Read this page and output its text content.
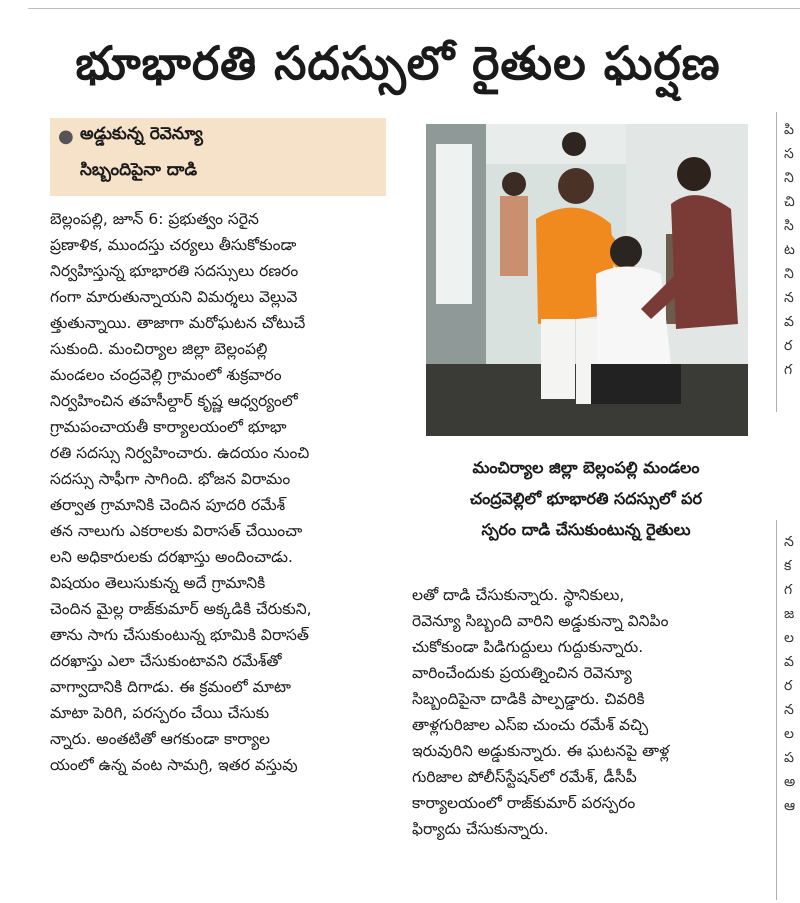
భూభారతి సదస్సులో రైతుల ఘర్షణ
● అడ్డుకున్న రెవెన్యూ
సిబ్బందిపైనా దాడి
బెల్లంపల్లి, జూన్ 6: ప్రభుత్వం సరైన
ప్రణాళిక, ముందస్తు చర్యలు తీసుకోకుండా
నిర్వహిస్తున్న భూభారతి సదస్సులు రణరం
గంగా మారుతున్నాయని విమర్శలు వెల్లువె
త్తుతున్నాయి. తాజాగా మరోఘటన చోటుచే
సుకుంది. మంచిర్యాల జిల్లా బెల్లంపల్లి
మండలం చంద్రవెల్లి గ్రామంలో శుక్రవారం
నిర్వహించిన తహసీల్దార్ కృష్ణ ఆధ్వర్యంలో
గ్రామపంచాయతీ కార్యాలయంలో భూభా
రతి సదస్సు నిర్వహించారు. ఉదయం నుంచి
సదస్సు సాఫీగా సాగింది. భోజన విరామం
తర్వాత గ్రామానికి చెందిన పూదరి రమేశ్
తన నాలుగు ఎకరాలకు విరాసత్ చేయించా
లని అధికారులకు దరఖాస్తు అందించాడు.
విషయం తెలుసుకున్న అదే గ్రామానికి
చెందిన మైల్ల రాజ్‌కుమార్ అక్కడికి చేరుకుని,
తాను సాగు చేసుకుంటున్న భూమికి విరాసత్
దరఖాస్తు ఎలా చేసుకుంటావని రమేశ్‌తో
వాగ్వాదానికి దిగాడు. ఈ క్రమంలో మాటా
మాటా పెరిగి, పరస్పరం చేయి చేసుకు
న్నారు. అంతటితో ఆగకుండా కార్యాల
యంలో ఉన్న వంట సామగ్రి, ఇతర వస్తువు
మంచిర్యాల జిల్లా బెల్లంపల్లి మండలం
చంద్రవెల్లిలో భూభారతి సదస్సులో పర
స్పరం దాడి చేసుకుంటున్న రైతులు
లతో దాడి చేసుకున్నారు. స్థానికులు,
రెవెన్యూ సిబ్బంది వారిని అడ్డుకున్నా వినిపిం
చుకోకుండా పిడిగుద్దులు గుద్దుకున్నారు.
వారించేందుకు ప్రయత్నించిన రెవెన్యూ
సిబ్బందిపైనా దాడికి పాల్పడ్డారు. చివరికి
తాళ్లగురిజాల ఎస్ఐ చుంచు రమేశ్ వచ్చి
ఇరువురిని అడ్డుకున్నారు. ఈ ఘటనపై తాళ్ల
గురిజాల పోలీస్‌స్టేషన్‌లో రమేశ్, డీసీపీ
కార్యాలయంలో రాజ్‌కుమార్ పరస్పరం
ఫిర్యాదు చేసుకున్నారు.
పి
స
ని
చి
సి
ట
ని
న
వ
ర
గ
న
క
గ
జ
ల
వ
ర
న
ల
ప
అ
ఆ
